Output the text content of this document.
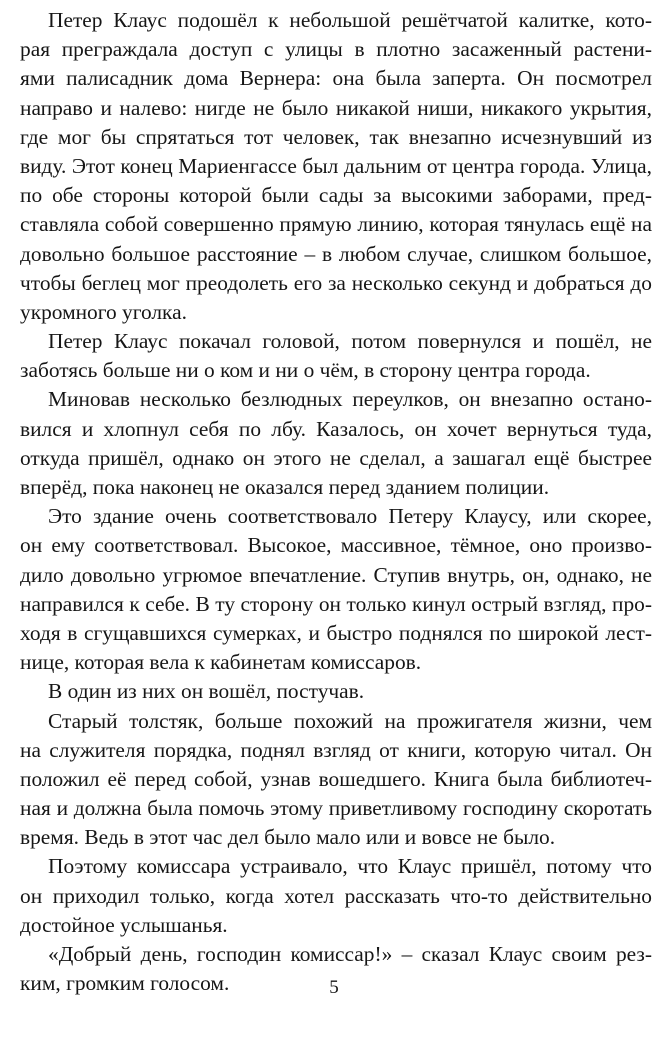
Петер Клаус подошёл к небольшой решётчатой калитке, кото-
рая преграждала доступ с улицы в плотно засаженный растени-
ями палисадник дома Вернера: она была заперта. Он посмотрел
направо и налево: нигде не было никакой ниши, никакого укрытия,
где мог бы спрятаться тот человек, так внезапно исчезнувший из
виду. Этот конец Мариенгассе был дальним от центра города. Улица,
по обе стороны которой были сады за высокими заборами, пред-
ставляла собой совершенно прямую линию, которая тянулась ещё на
довольно большое расстояние – в любом случае, слишком большое,
чтобы беглец мог преодолеть его за несколько секунд и добраться до
укромного уголка.
Петер Клаус покачал головой, потом повернулся и пошёл, не
заботясь больше ни о ком и ни о чём, в сторону центра города.
Миновав несколько безлюдных переулков, он внезапно остано-
вился и хлопнул себя по лбу. Казалось, он хочет вернуться туда,
откуда пришёл, однако он этого не сделал, а зашагал ещё быстрее
вперёд, пока наконец не оказался перед зданием полиции.
Это здание очень соответствовало Петеру Клаусу, или скорее,
он ему соответствовал. Высокое, массивное, тёмное, оно произво-
дило довольно угрюмое впечатление. Ступив внутрь, он, однако, не
направился к себе. В ту сторону он только кинул острый взгляд, про-
ходя в сгущавшихся сумерках, и быстро поднялся по широкой лест-
нице, которая вела к кабинетам комиссаров.
В один из них он вошёл, постучав.
Старый толстяк, больше похожий на прожигателя жизни, чем
на служителя порядка, поднял взгляд от книги, которую читал. Он
положил её перед собой, узнав вошедшего. Книга была библиотеч-
ная и должна была помочь этому приветливому господину скоротать
время. Ведь в этот час дел было мало или и вовсе не было.
Поэтому комиссара устраивало, что Клаус пришёл, потому что
он приходил только, когда хотел рассказать что-то действительно
достойное услышанья.
«Добрый день, господин комиссар!» – сказал Клаус своим рез-
ким, громким голосом.	5
